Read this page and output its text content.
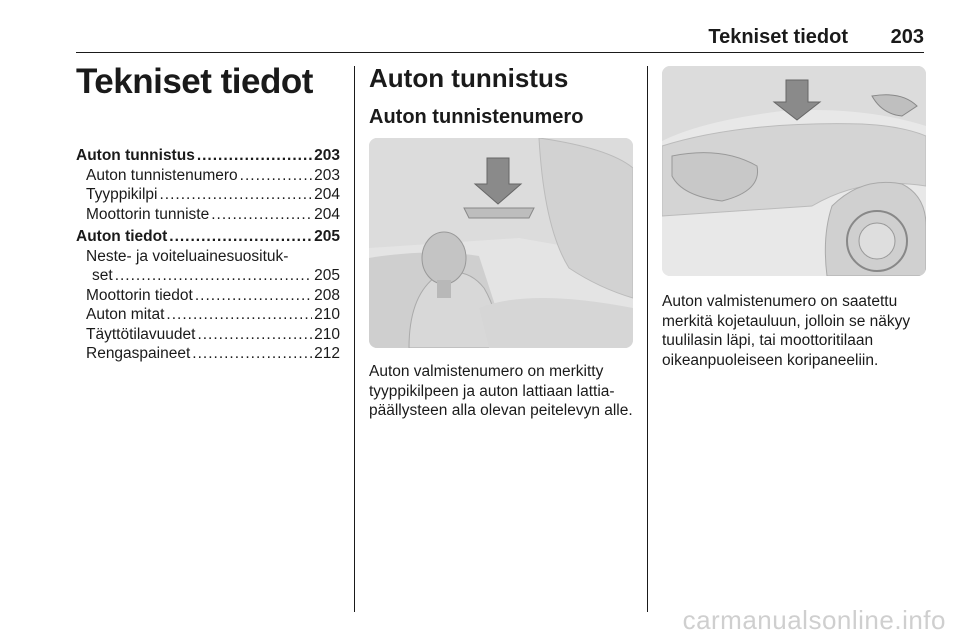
Tekniset tiedot 203
Tekniset tiedot
Auton tunnistus .....	203
Auton tunnistenumero .....	203
Tyyppikilpi .....	204
Moottorin tunniste .....	204
Auton tiedot .....	205
Neste- ja voiteluainesuosituk-
set .....	205
Moottorin tiedot .....	208
Auton mitat .....	210
Täyttötilavuudet .....	210
Rengaspaineet .....	212
Auton tunnistus
Auton tunnistenumero

Auton valmistenumero on merkitty tyyppikilpeen ja auton lattiaan lattia-päällysteen alla olevan peitelevyn alle.

Auton valmistenumero on saatettu merkitä kojetauluun, jolloin se näkyy tuulilasin läpi, tai moottoritilaan oikeanpuoleiseen koripaneeliin.

carmanualsonline.info
